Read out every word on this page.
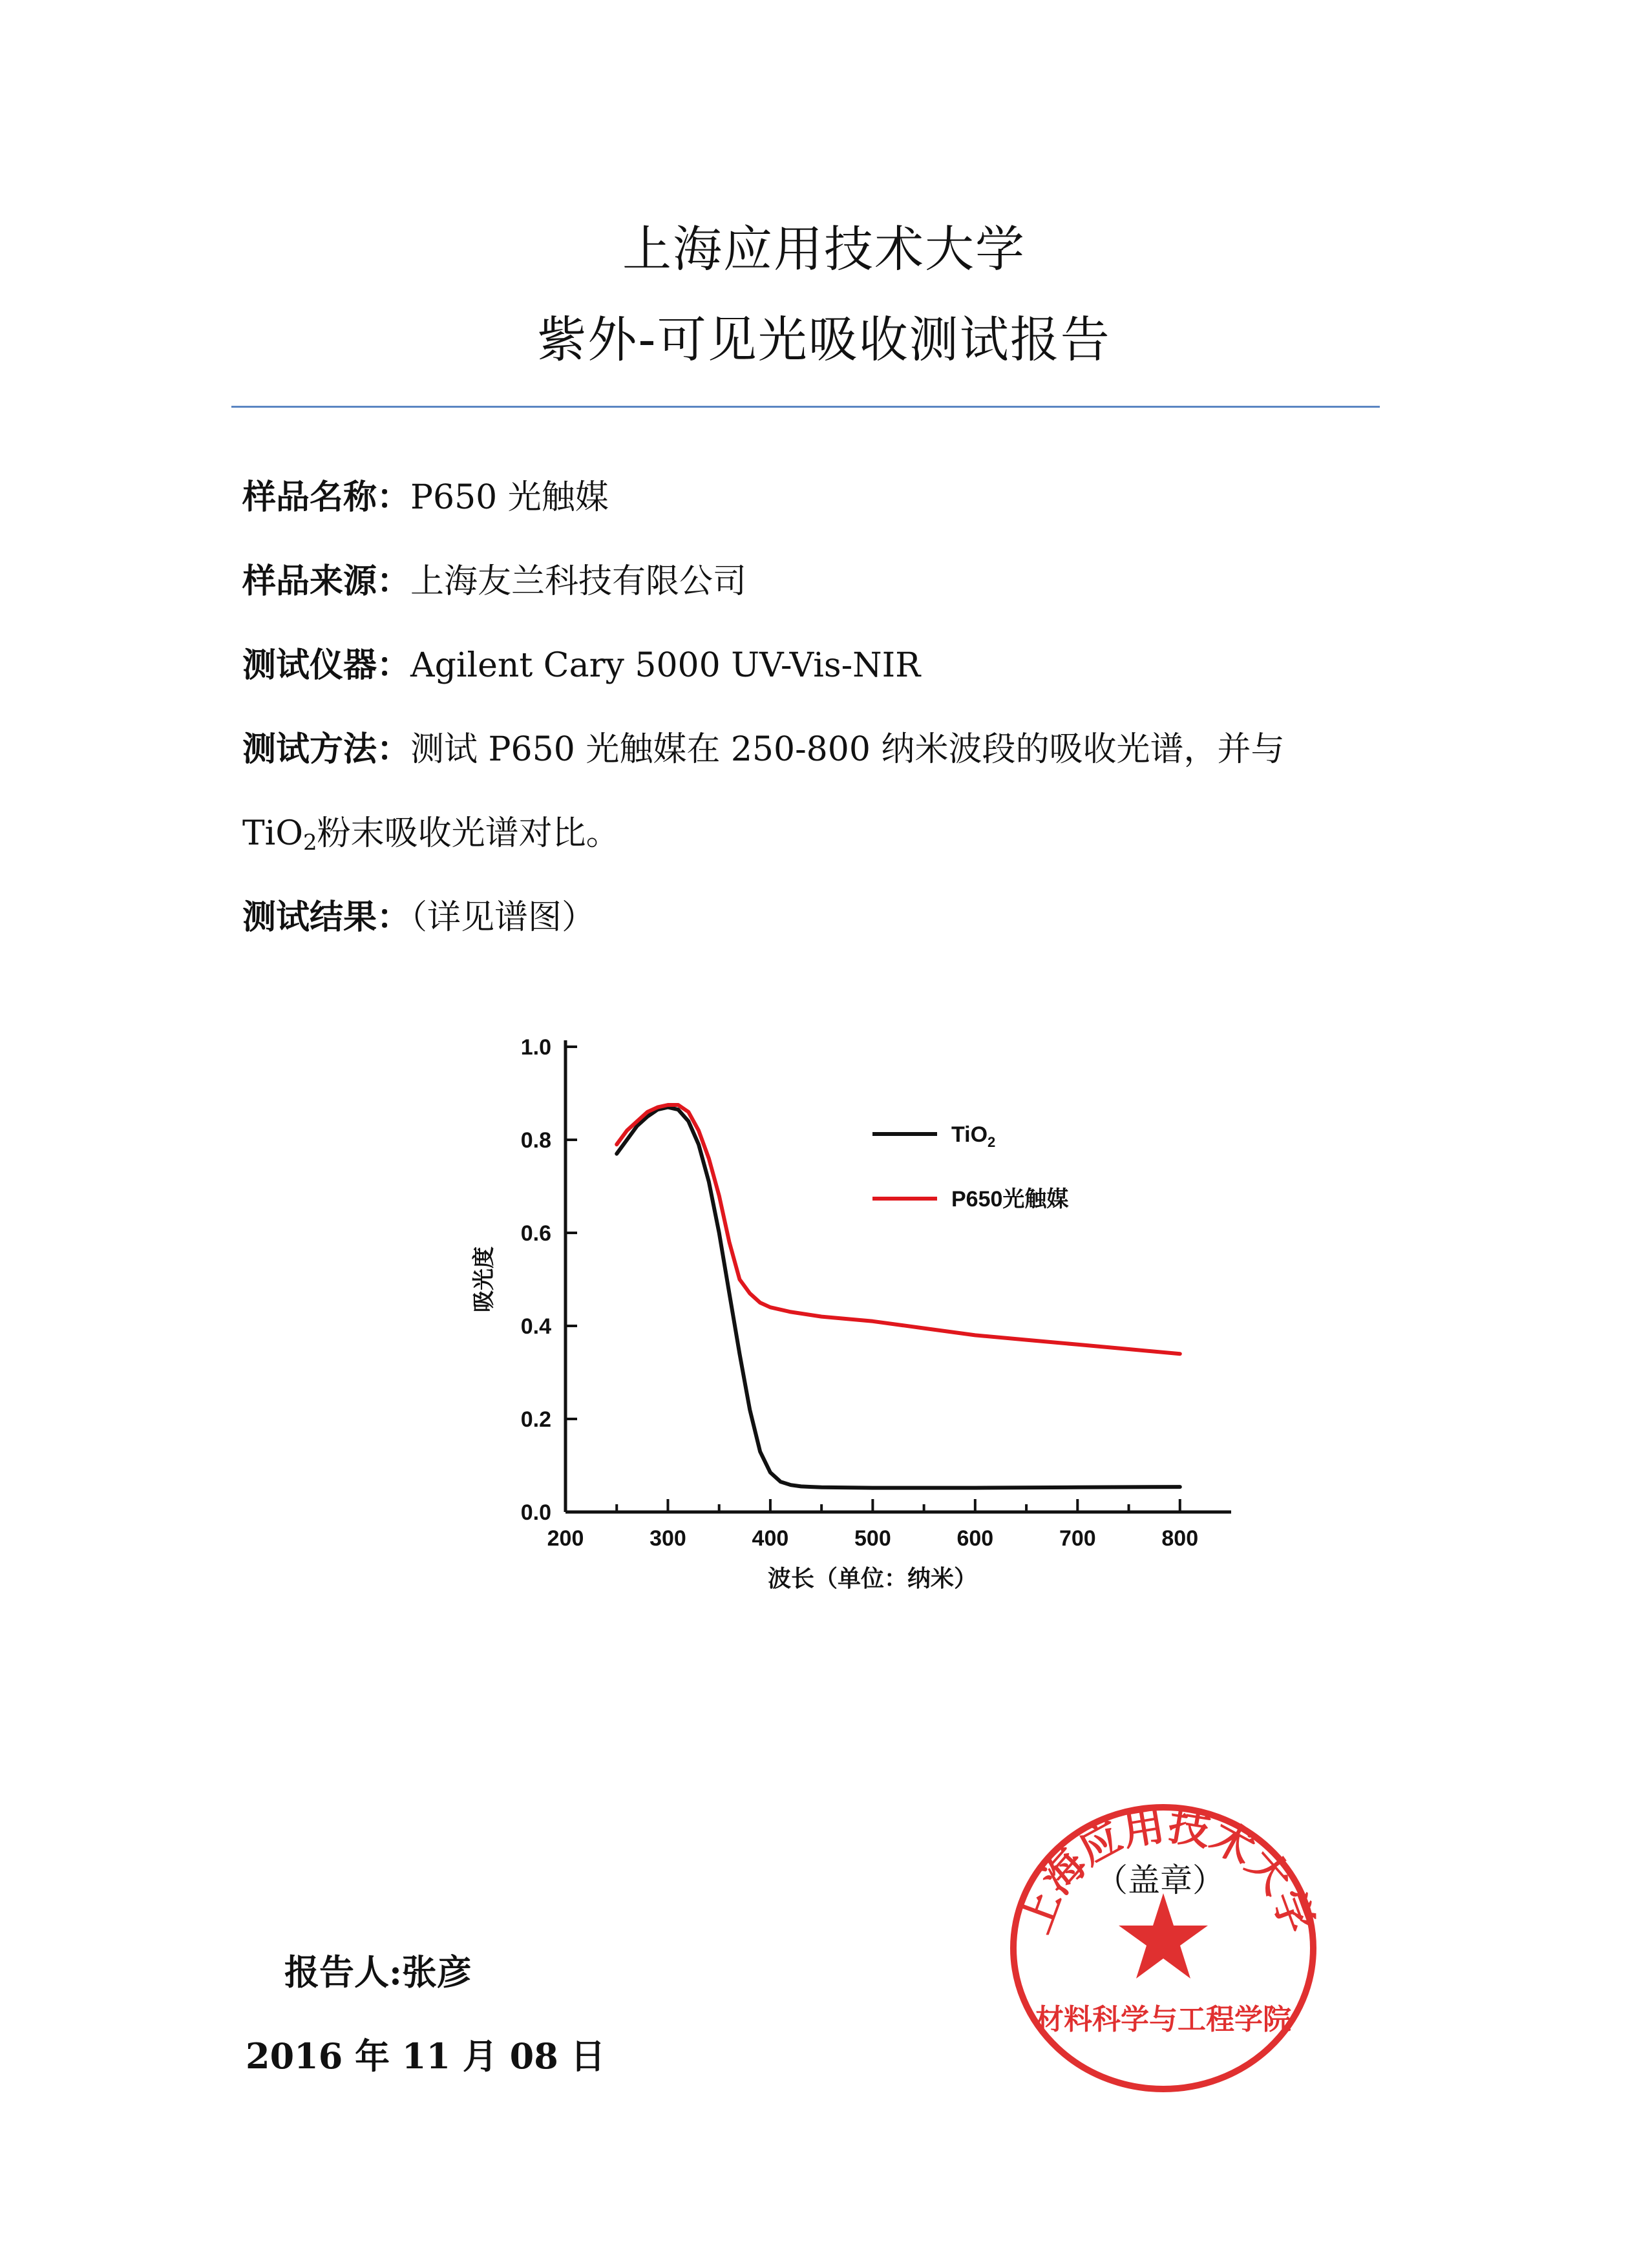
上海应用技术大学
紫外-可见光吸收测试报告
样品名称：P650 光触媒
样品来源：上海友兰科技有限公司
测试仪器：Agilent Cary 5000 UV-Vis-NIR
测试方法：测试 P650 光触媒在 250-800 纳米波段的吸收光谱，并与
TiO$_2$粉末吸收光谱对比。
测试结果：（详见谱图）
0.0
0.2
0.4
0.6
0.8
1.0
200	300	400	500	600	700	800
TiO$_2$
P650光触媒
吸光度
波长（单位：纳米）
上海应用技术大学
材料科学与工程学院
（盖章）
报告人:张彦
2016 年 11 月 08 日
